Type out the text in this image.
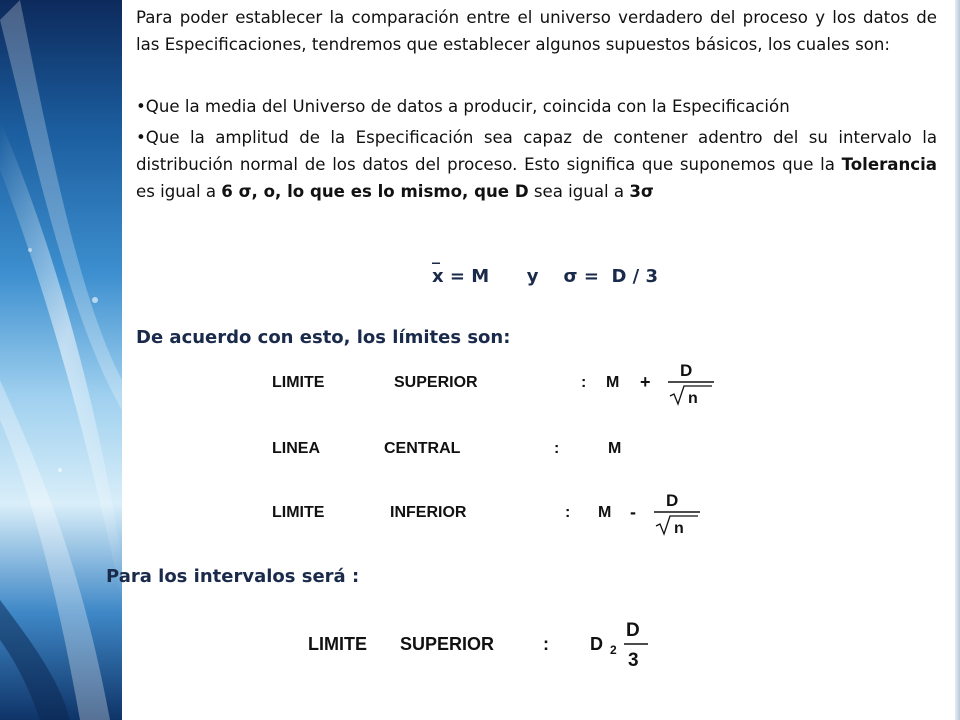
Para poder establecer la comparación entre el universo verdadero del proceso y los datos de las Especificaciones, tendremos que establecer algunos supuestos básicos, los cuales son:

•Que la media del Universo de datos a producir, coincida con la Especificación

•Que la amplitud de la Especificación sea capaz de contener adentro del su intervalo la distribución normal de los datos del proceso. Esto significa que suponemos que la Tolerancia es igual a 6 σ, o, lo que es lo mismo, que D sea igual a 3σ

_
x = M      y    σ =  D / 3
De acuerdo con esto, los límites son:
LIMITE	SUPERIOR	: M +
D
n
LINEA	CENTRAL	:	M
LIMITE	INFERIOR	: M -
D
n
Para los intervalos será :
LIMITE SUPERIOR	: D 2
D
3
